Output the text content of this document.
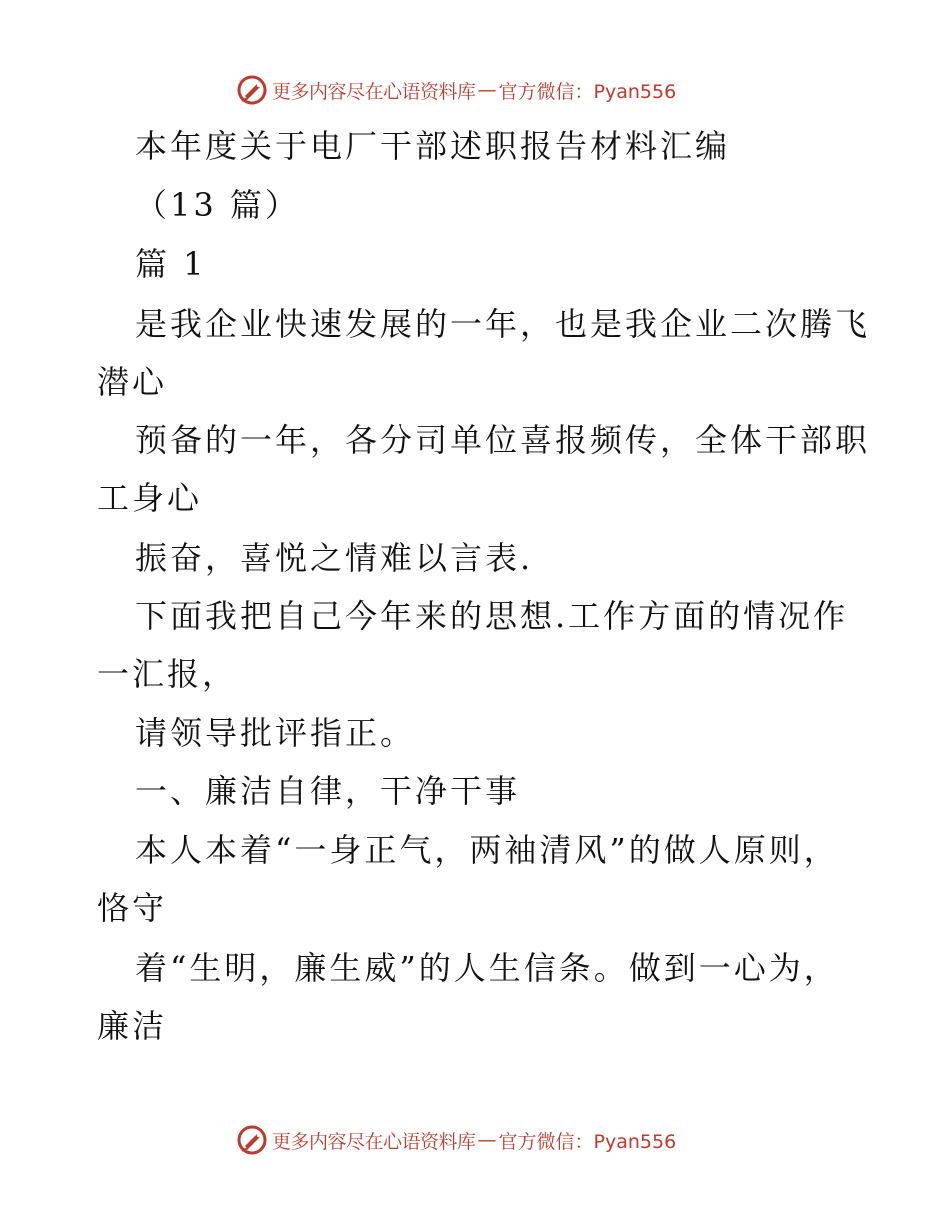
更多内容尽在心语资料库 — 官方微信：Pyan556
本年度关于电厂干部述职报告材料汇编
（13 篇）
篇 1
是我企业快速发展的一年，也是我企业二次腾飞
潜心
预备的一年，各分司单位喜报频传，全体干部职
工身心
振奋，喜悦之情难以言表.
下面我把自己今年来的思想.工作方面的情况作
一汇报，
请领导批评指正。
一、廉洁自律，干净干事
本人本着“一身正气，两袖清风”的做人原则，
恪守
着“生明，廉生威”的人生信条。做到一心为，
廉洁
更多内容尽在心语资料库 — 官方微信：Pyan556
